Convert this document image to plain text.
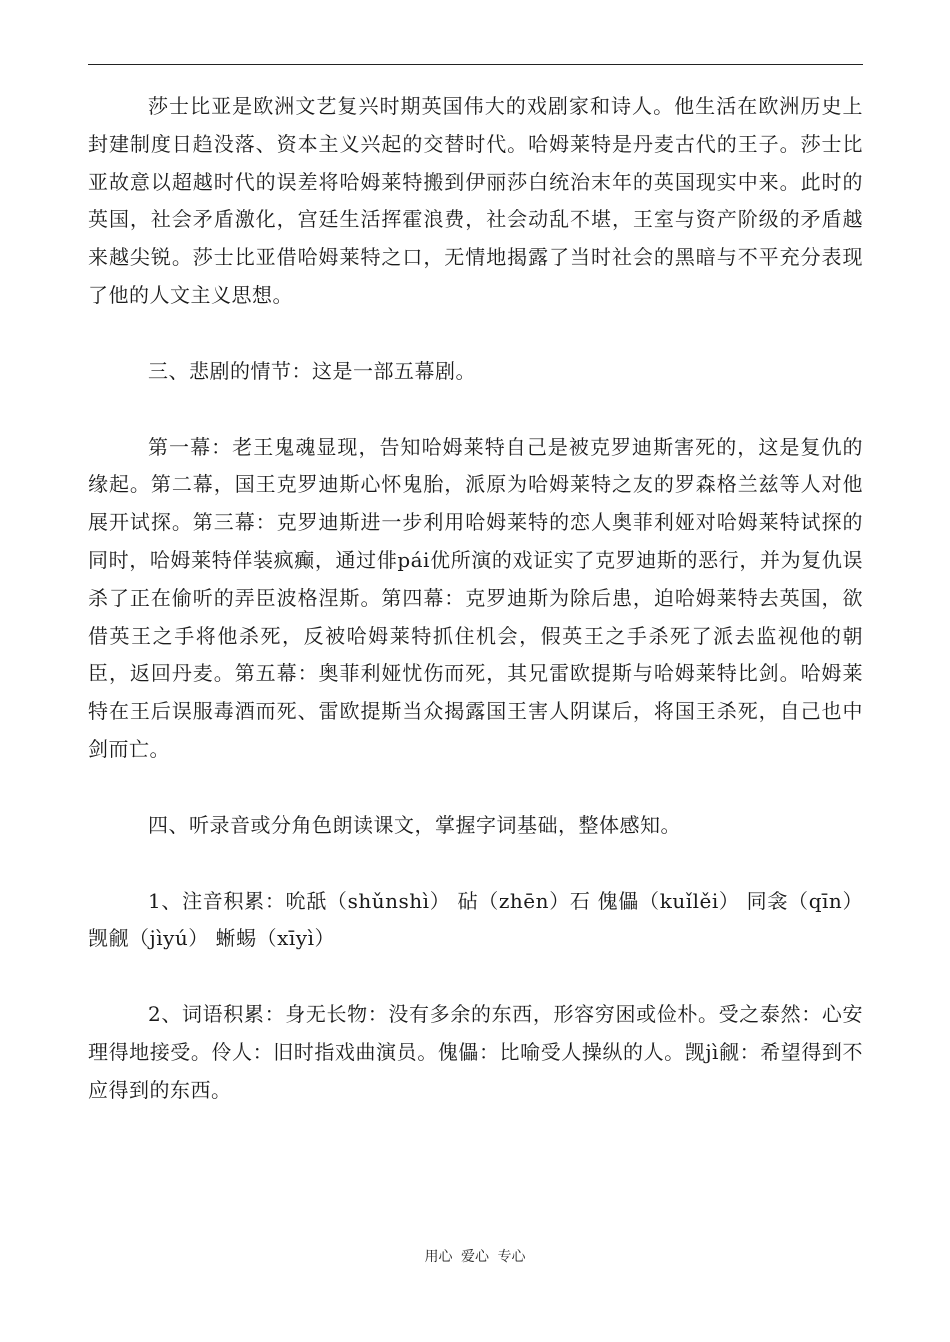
莎士比亚是欧洲文艺复兴时期英国伟大的戏剧家和诗人。他生活在欧洲历史上封建制度日趋没落、资本主义兴起的交替时代。哈姆莱特是丹麦古代的王子。莎士比亚故意以超越时代的误差将哈姆莱特搬到伊丽莎白统治末年的英国现实中来。此时的英国，社会矛盾激化，宫廷生活挥霍浪费，社会动乱不堪，王室与资产阶级的矛盾越来越尖锐。莎士比亚借哈姆莱特之口，无情地揭露了当时社会的黑暗与不平充分表现了他的人文主义思想。

三、悲剧的情节：这是一部五幕剧。

第一幕：老王鬼魂显现，告知哈姆莱特自己是被克罗迪斯害死的，这是复仇的缘起。第二幕，国王克罗迪斯心怀鬼胎，派原为哈姆莱特之友的罗森格兰兹等人对他展开试探。第三幕：克罗迪斯进一步利用哈姆莱特的恋人奥菲利娅对哈姆莱特试探的同时，哈姆莱特佯装疯癫，通过俳pái优所演的戏证实了克罗迪斯的恶行，并为复仇误杀了正在偷听的弄臣波格涅斯。第四幕：克罗迪斯为除后患，迫哈姆莱特去英国，欲借英王之手将他杀死，反被哈姆莱特抓住机会，假英王之手杀死了派去监视他的朝臣，返回丹麦。第五幕：奥菲利娅忧伤而死，其兄雷欧提斯与哈姆莱特比剑。哈姆莱特在王后误服毒酒而死、雷欧提斯当众揭露国王害人阴谋后，将国王杀死，自己也中剑而亡。

四、听录音或分角色朗读课文，掌握字词基础，整体感知。

1、注音积累：吮舐（shǔnshì） 砧（zhēn）石 傀儡（kuǐlěi） 同衾（qīn） 觊觎（jìyú） 蜥蜴（xīyì）

2、词语积累：身无长物：没有多余的东西，形容穷困或俭朴。受之泰然：心安理得地接受。伶人：旧时指戏曲演员。傀儡：比喻受人操纵的人。觊jì觎：希望得到不应得到的东西。

用心 爱心 专心
